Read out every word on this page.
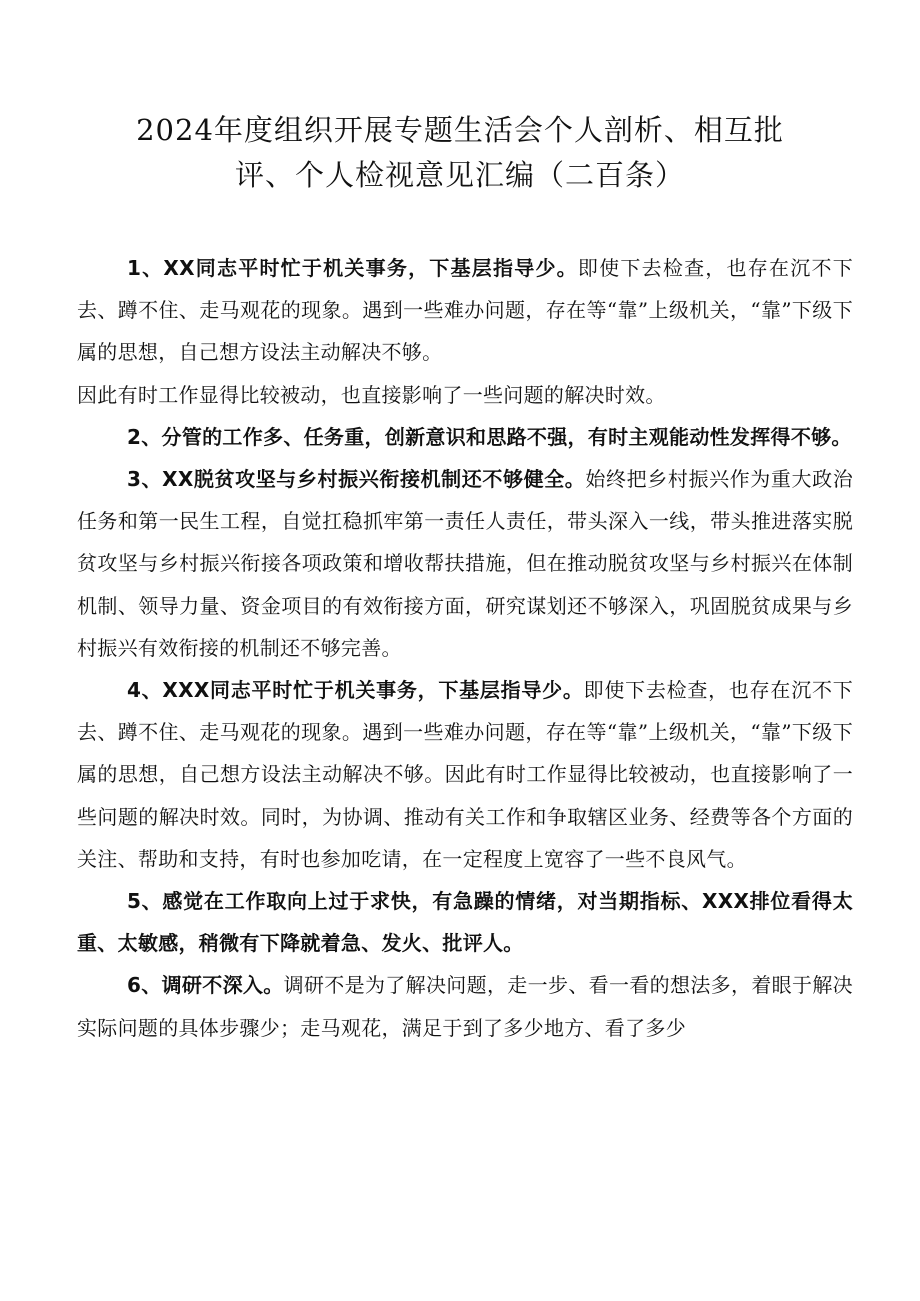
2024年度组织开展专题生活会个人剖析、相互批
评、个人检视意见汇编（二百条）

1、XX同志平时忙于机关事务，下基层指导少。即使下去检查，也存在沉不下去、蹲不住、走马观花的现象。遇到一些难办问题，存在等“靠”上级机关，“靠”下级下属的思想，自己想方设法主动解决不够。
因此有时工作显得比较被动，也直接影响了一些问题的解决时效。

2、分管的工作多、任务重，创新意识和思路不强，有时主观能动性发挥得不够。

3、XX脱贫攻坚与乡村振兴衔接机制还不够健全。始终把乡村振兴作为重大政治任务和第一民生工程，自觉扛稳抓牢第一责任人责任，带头深入一线，带头推进落实脱贫攻坚与乡村振兴衔接各项政策和增收帮扶措施，但在推动脱贫攻坚与乡村振兴在体制机制、领导力量、资金项目的有效衔接方面，研究谋划还不够深入，巩固脱贫成果与乡村振兴有效衔接的机制还不够完善。

4、XXX同志平时忙于机关事务，下基层指导少。即使下去检查，也存在沉不下去、蹲不住、走马观花的现象。遇到一些难办问题，存在等“靠”上级机关，“靠”下级下属的思想，自己想方设法主动解决不够。因此有时工作显得比较被动，也直接影响了一些问题的解决时效。同时，为协调、推动有关工作和争取辖区业务、经费等各个方面的关注、帮助和支持，有时也参加吃请，在一定程度上宽容了一些不良风气。

5、感觉在工作取向上过于求快，有急躁的情绪，对当期指标、XXX排位看得太重、太敏感，稍微有下降就着急、发火、批评人。

6、调研不深入。调研不是为了解决问题，走一步、看一看的想法多，着眼于解决实际问题的具体步骤少；走马观花，满足于到了多少地方、看了多少
